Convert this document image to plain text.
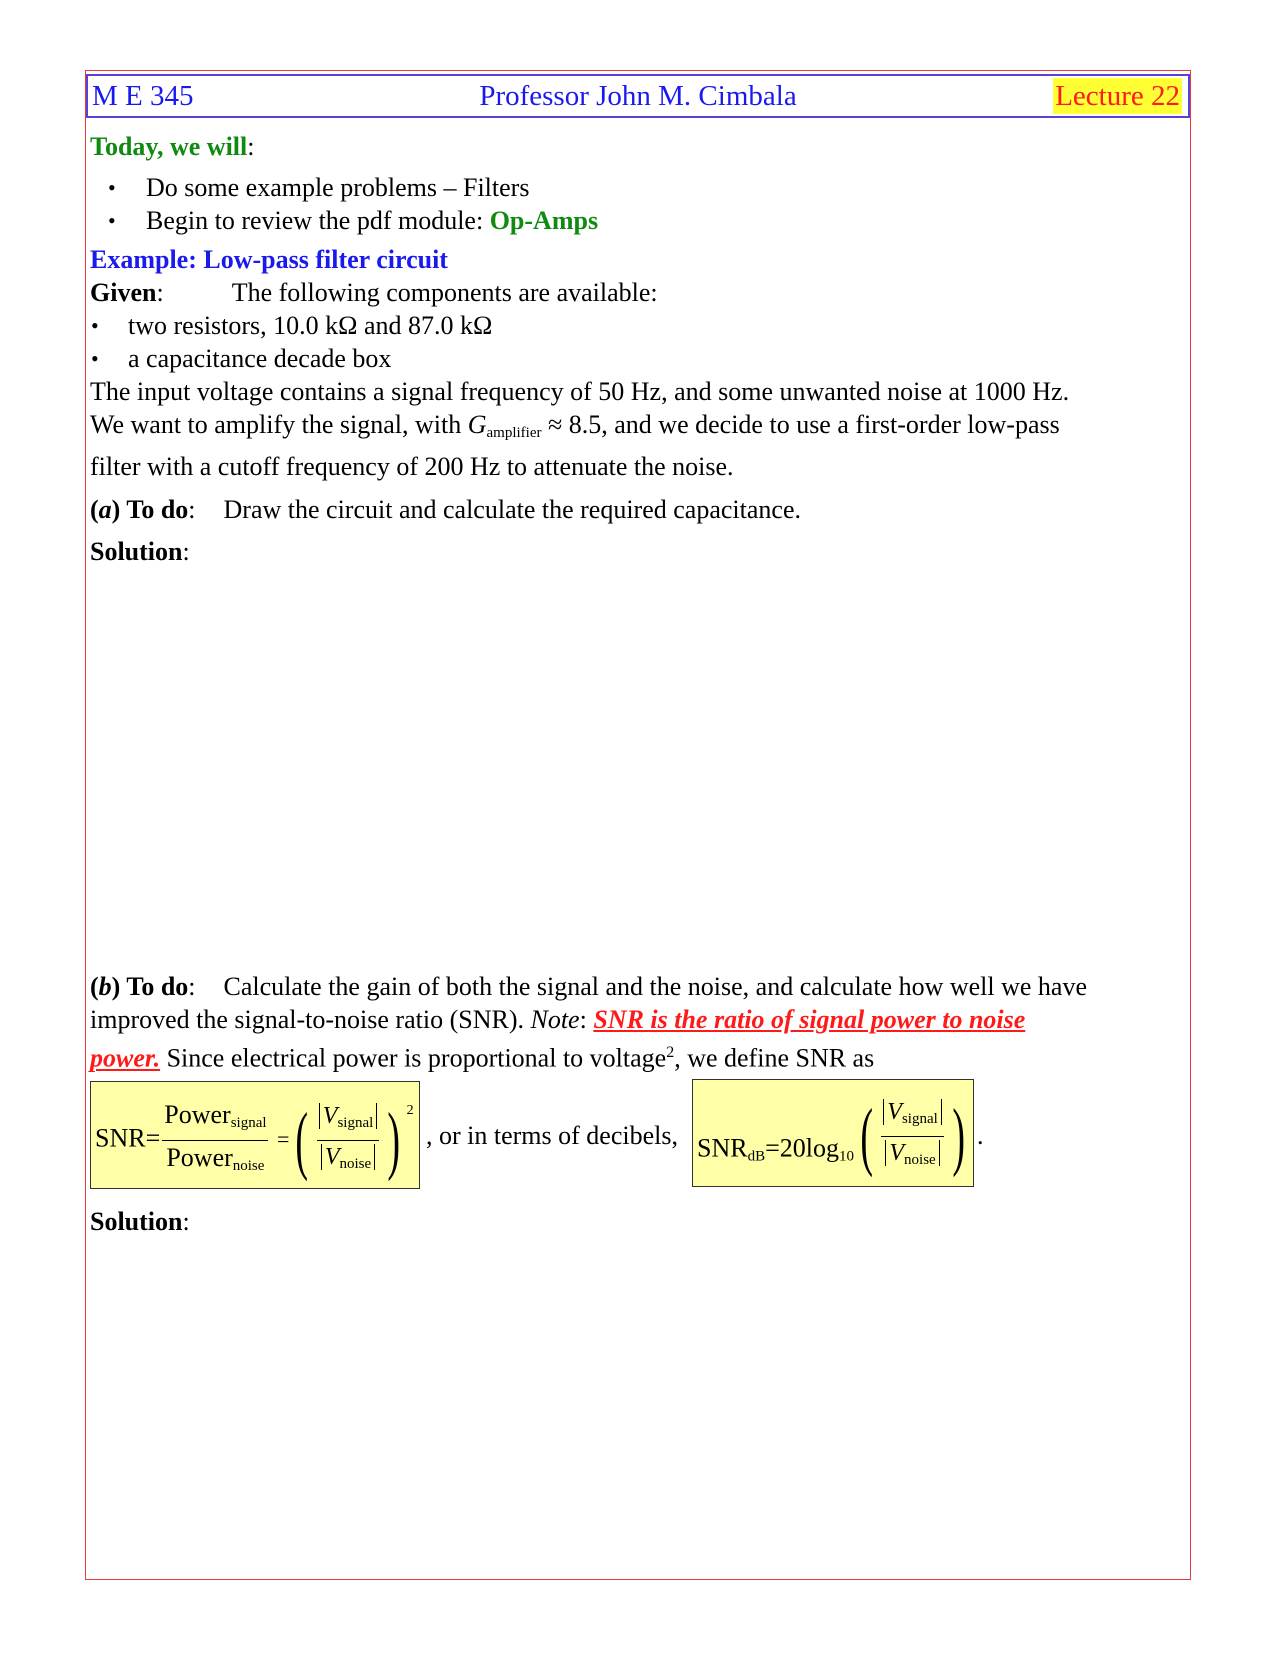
M E 345	Professor John M. Cimbala	Lecture 22
Today, we will:
• Do some example problems – Filters
• Begin to review the pdf module: Op-Amps
Example: Low-pass filter circuit
Given:	The following components are available:
• two resistors, 10.0 kΩ and 87.0 kΩ
• a capacitance decade box
The input voltage contains a signal frequency of 50 Hz, and some unwanted noise at 1000 Hz. We want to amplify the signal, with $G_{amplifier} \approx 8.5$, and we decide to use a first-order low-pass filter with a cutoff frequency of 200 Hz to attenuate the noise.
(a) To do: Draw the circuit and calculate the required capacitance.
Solution:
(b) To do: Calculate the gain of both the signal and the noise, and calculate how well we have improved the signal-to-noise ratio (SNR). Note: SNR is the ratio of signal power to noise power. Since electrical power is proportional to voltage$^2$, we define SNR as
$SNR= \frac{Power_{signal}}{Power_{noise}}$ =( $\frac{V_{signal}}{V_{noise}}$ ) $^2$
, or in terms of decibels, $SNR_{dB}=20\log_{10}( \frac{V_{signal}}{V_{noise}}$ ) .
Solution:
